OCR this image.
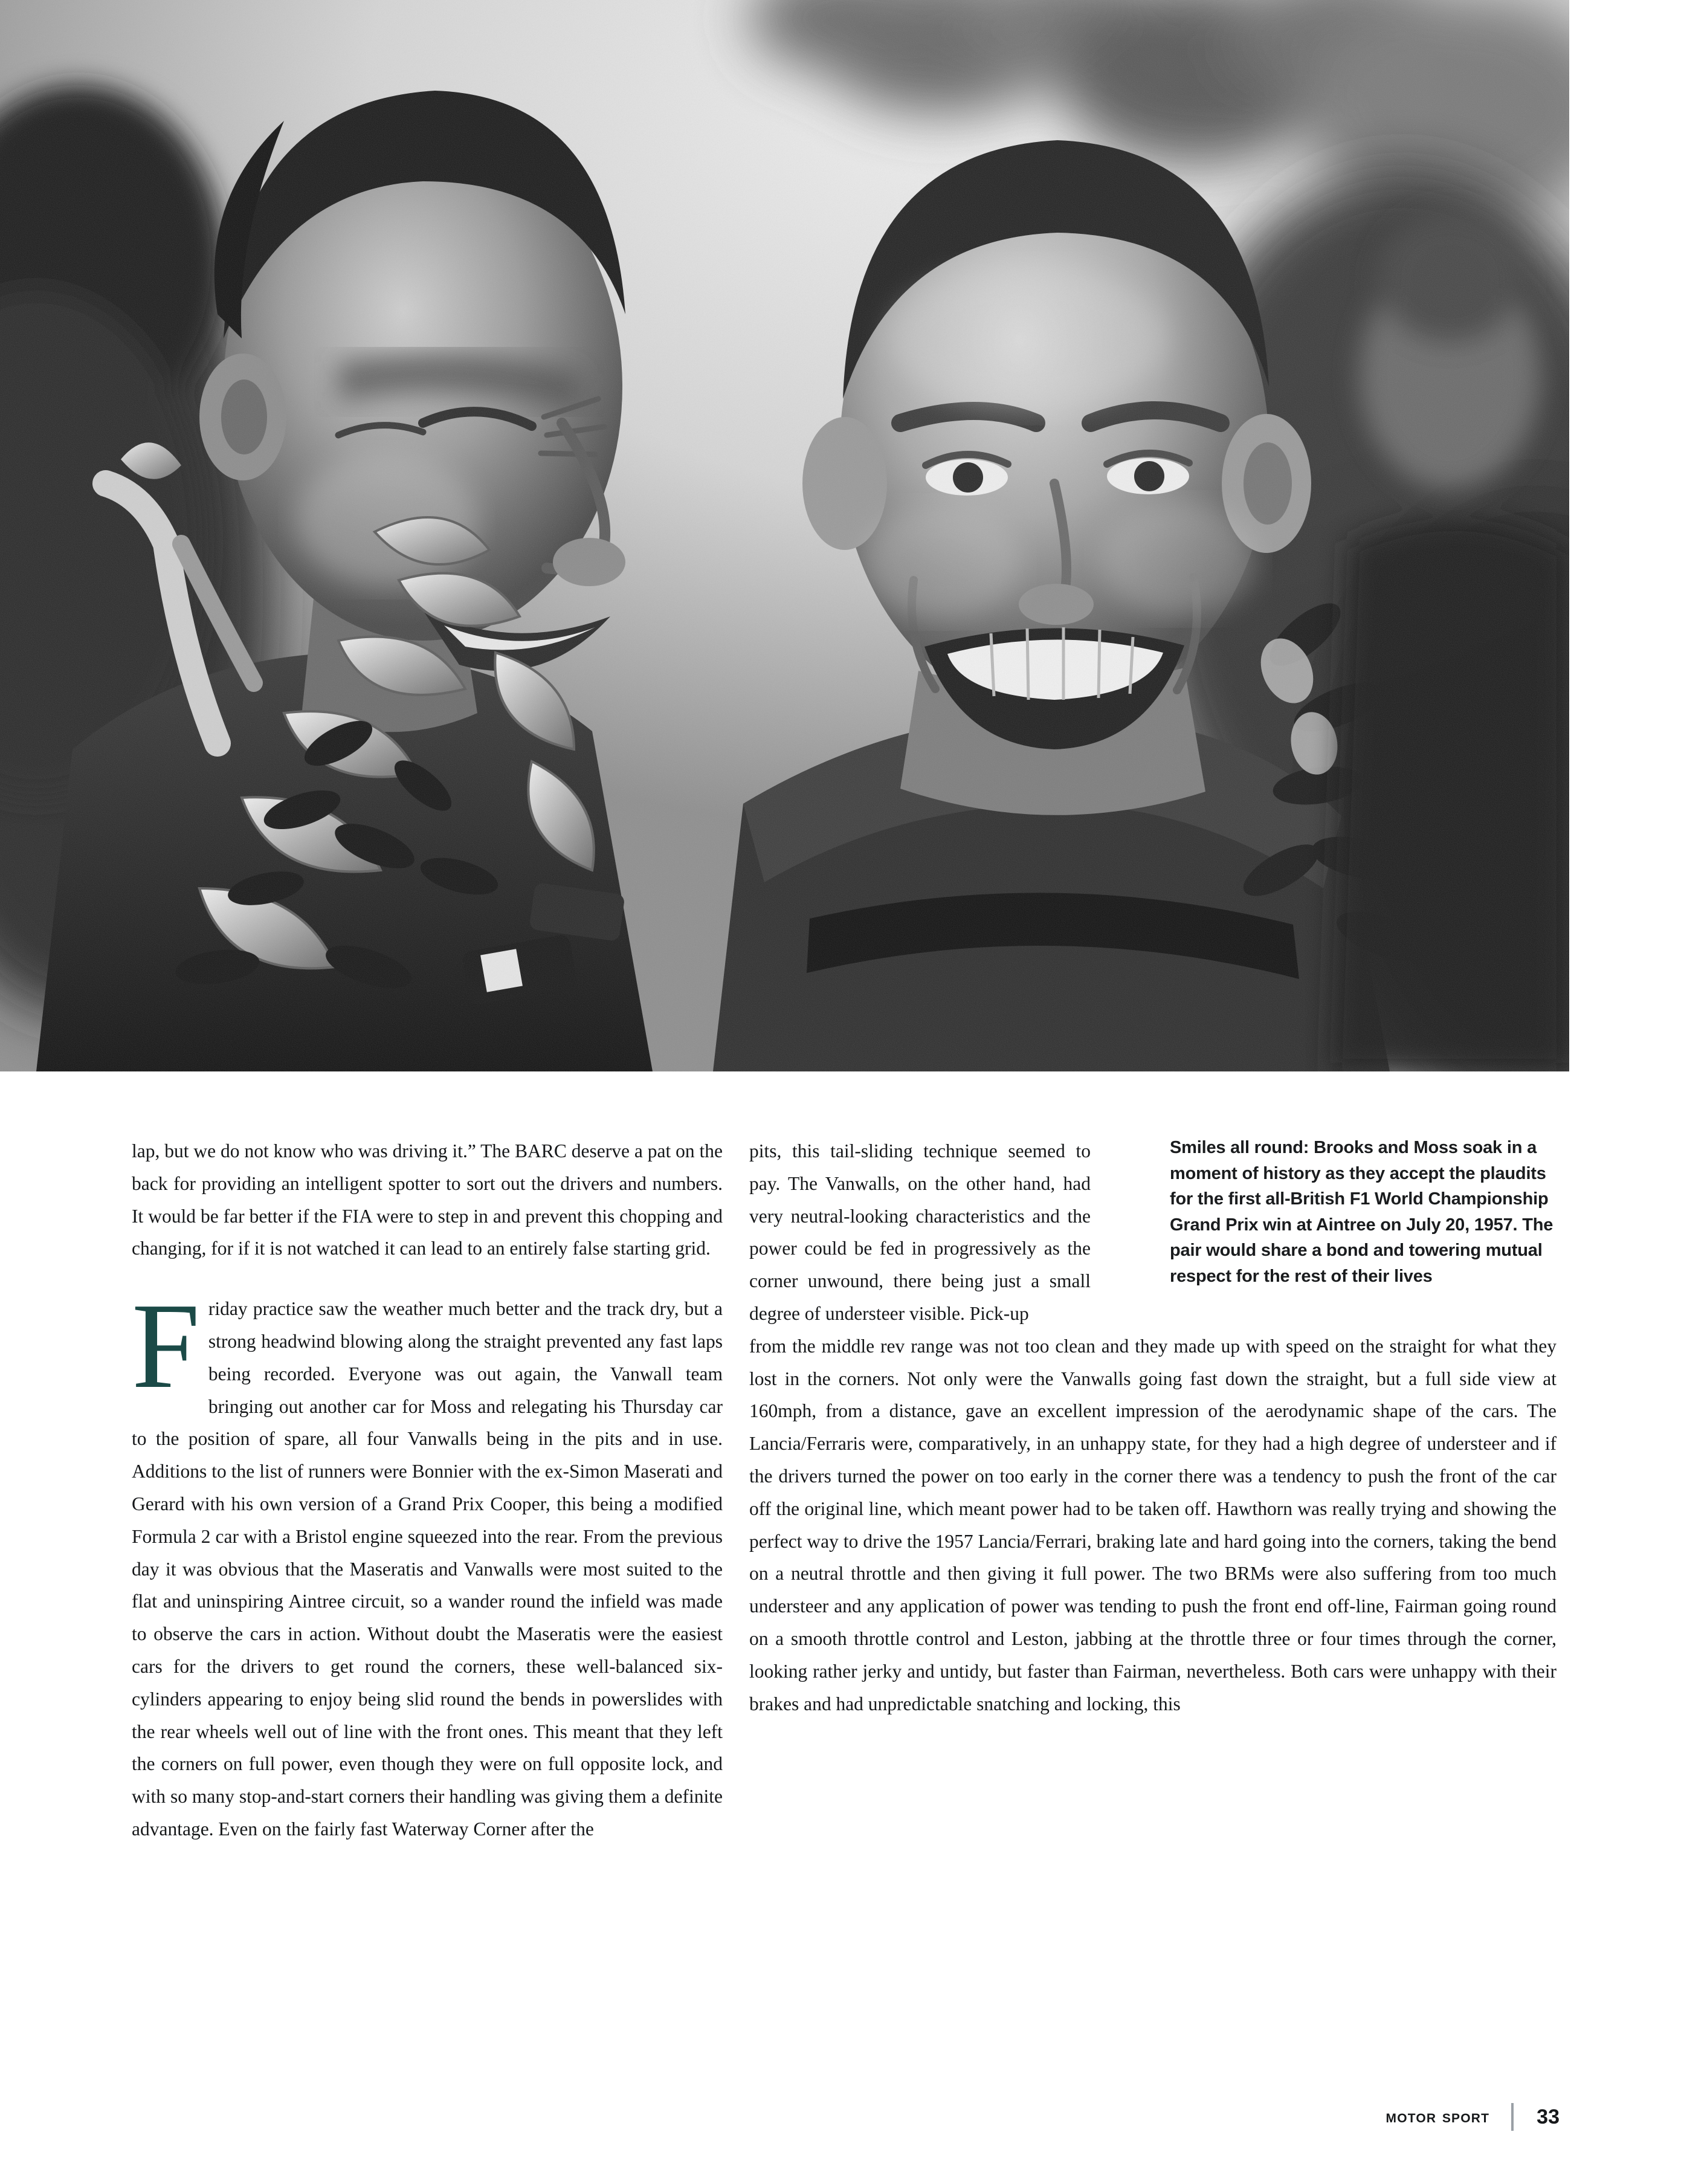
lap, but we do not know who was driving it.” The BARC deserve a pat on the back for providing an intelligent spotter to sort out the drivers and numbers. It would be far better if the FIA were to step in and prevent this chopping and changing, for if it is not watched it can lead to an entirely false starting grid.

Friday practice saw the weather much better and the track dry, but a strong headwind blowing along the straight prevented any fast laps being recorded. Everyone was out again, the Vanwall team bringing out another car for Moss and relegating his Thursday car to the position of spare, all four Vanwalls being in the pits and in use. Additions to the list of runners were Bonnier with the ex-Simon Maserati and Gerard with his own version of a Grand Prix Cooper, this being a modified Formula 2 car with a Bristol engine squeezed into the rear. From the previous day it was obvious that the Maseratis and Vanwalls were most suited to the flat and uninspiring Aintree circuit, so a wander round the infield was made to observe the cars in action. Without doubt the Maseratis were the easiest cars for the drivers to get round the corners, these well-balanced six-cylinders appearing to enjoy being slid round the bends in powerslides with the rear wheels well out of line with the front ones. This meant that they left the corners on full power, even though they were on full opposite lock, and with so many stop-and-start corners their handling was giving them a definite advantage. Even on the fairly fast Waterway Corner after the

pits, this tail-sliding technique seemed to pay. The Vanwalls, on the other hand, had very neutral-looking characteristics and the power could be fed in progressively as the corner unwound, there being just a small degree of understeer visible. Pick-up

from the middle rev range was not too clean and they made up with speed on the straight for what they lost in the corners. Not only were the Vanwalls going fast down the straight, but a full side view at 160mph, from a distance, gave an excellent impression of the aerodynamic shape of the cars. The Lancia/Ferraris were, comparatively, in an unhappy state, for they had a high degree of understeer and if the drivers turned the power on too early in the corner there was a tendency to push the front of the car off the original line, which meant power had to be taken off. Hawthorn was really trying and showing the perfect way to drive the 1957 Lancia/Ferrari, braking late and hard going into the corners, taking the bend on a neutral throttle and then giving it full power. The two BRMs were also suffering from too much understeer and any application of power was tending to push the front end off-line, Fairman going round on a smooth throttle control and Leston, jabbing at the throttle three or four times through the corner, looking rather jerky and untidy, but faster than Fairman, nevertheless. Both cars were unhappy with their brakes and had unpredictable snatching and locking, this

Smiles all round: Brooks and Moss soak in a moment of history as they accept the plaudits for the first all-British F1 World Championship Grand Prix win at Aintree on July 20, 1957. The pair would share a bond and towering mutual respect for the rest of their lives
motor sport	33
